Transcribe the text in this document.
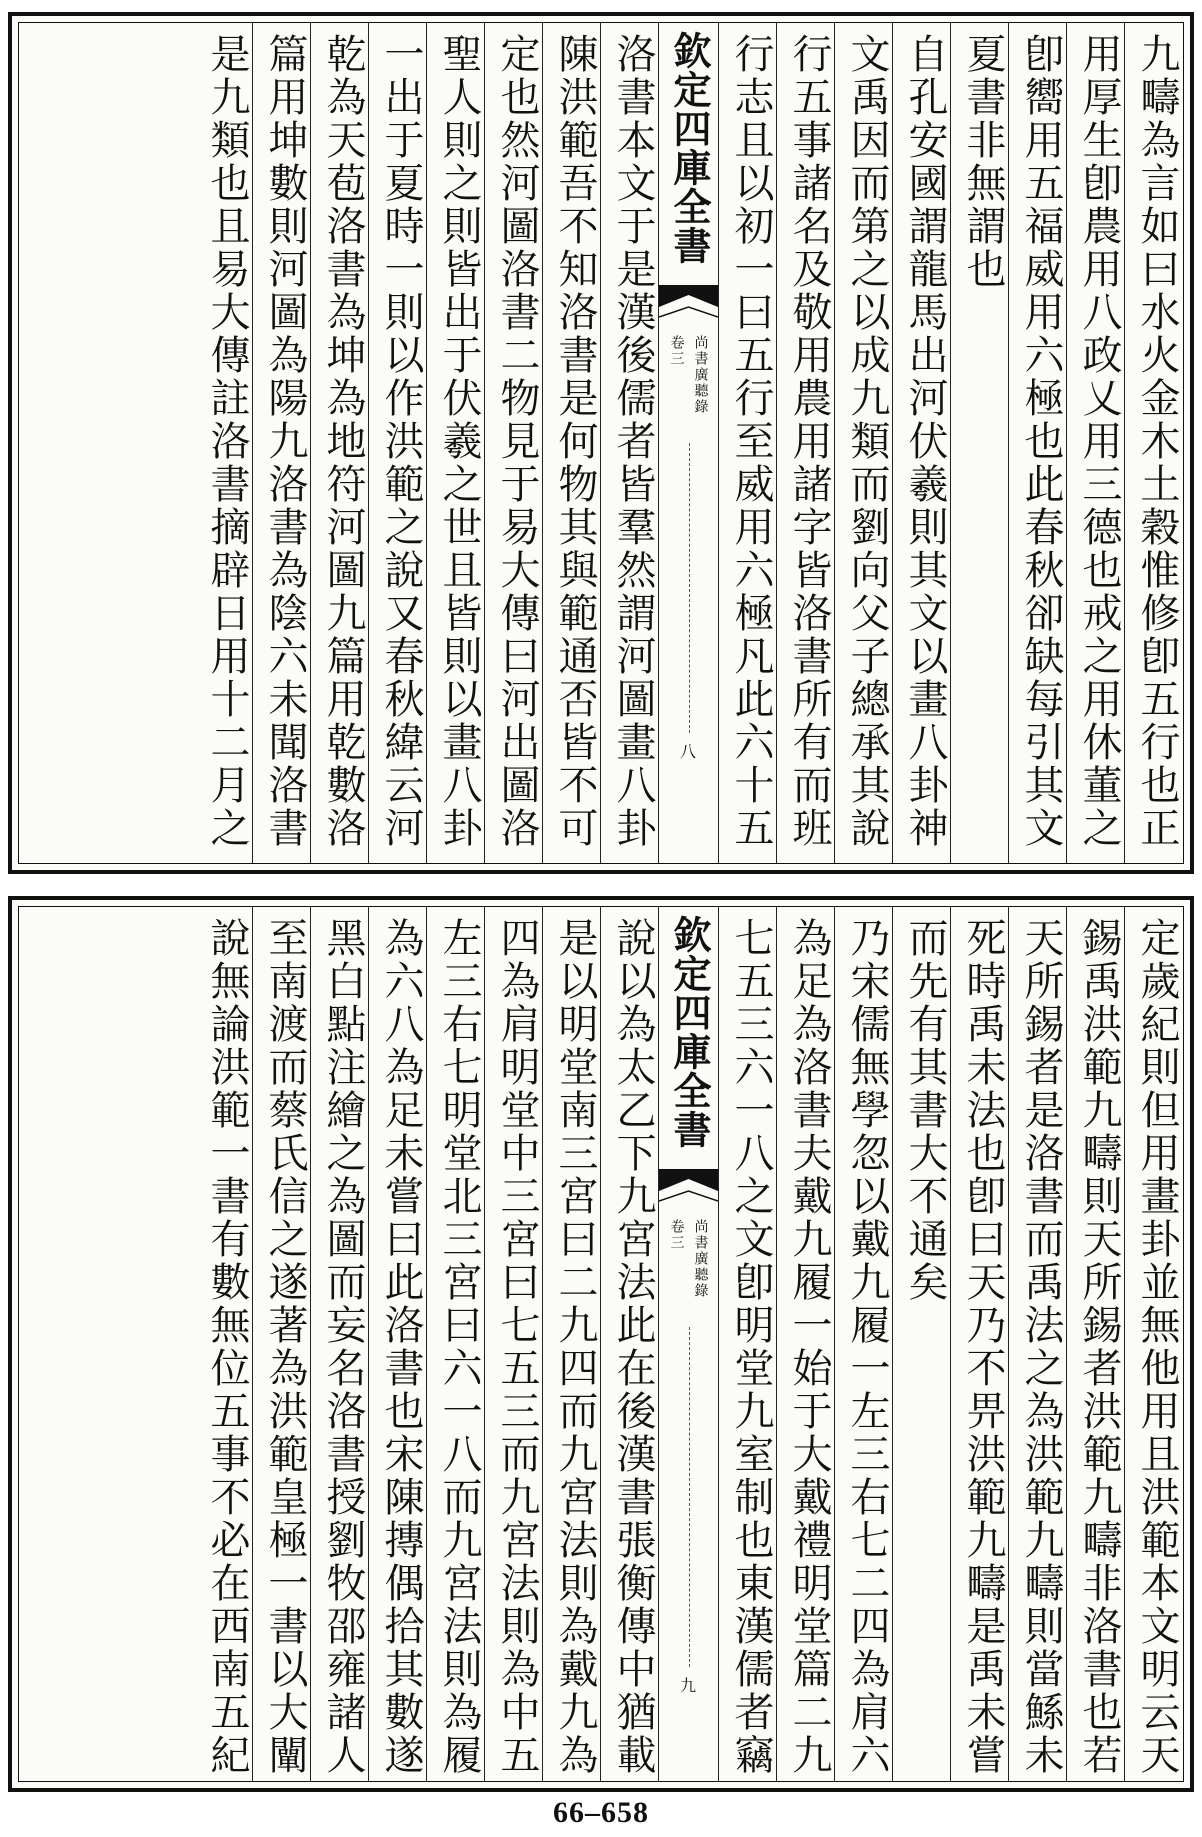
九疇為言如曰水火金木土穀惟修卽五行也正
用厚生卽農用八政乂用三德也戒之用休董之
卽嚮用五福威用六極也此春秋卻缺每引其文
夏書非無謂也
自孔安國謂龍馬出河伏羲則其文以畫八卦神
文禹因而第之以成九類而劉向父子總承其說
行五事諸名及敬用農用諸字皆洛書所有而班
行志且以初一曰五行至威用六極凡此六十五
欽定四庫全書
尚書廣聽錄
卷三
八
洛書本文于是漢後儒者皆羣然謂河圖畫八卦
陳洪範吾不知洛書是何物其與範通否皆不可
定也然河圖洛書二物見于易大傳曰河出圖洛
聖人則之則皆出于伏羲之世且皆則以畫八卦
一出于夏時一則以作洪範之說又春秋緯云河
乾為天苞洛書為坤為地符河圖九篇用乾數洛
篇用坤數則河圖為陽九洛書為陰六未聞洛書
是九類也且易大傳註洛書摘辟日用十二月之
定歲紀則但用畫卦並無他用且洪範本文明云天
錫禹洪範九疇則天所錫者洪範九疇非洛書也若
天所錫者是洛書而禹法之為洪範九疇則當鯀未
死時禹未法也卽曰天乃不畀洪範九疇是禹未嘗
而先有其書大不通矣
乃宋儒無學忽以戴九履一左三右七二四為肩六
為足為洛書夫戴九履一始于大戴禮明堂篇二九
七五三六一八之文卽明堂九室制也東漢儒者竊
欽定四庫全書
尚書廣聽錄
卷三
九
說以為太乙下九宮法此在後漢書張衡傳中猶載
是以明堂南三宮曰二九四而九宮法則為戴九為
四為肩明堂中三宮曰七五三而九宮法則為中五
左三右七明堂北三宮曰六一八而九宮法則為履
為六八為足未嘗曰此洛書也宋陳摶偶拾其數遂
黑白點注繪之為圖而妄名洛書授劉牧邵雍諸人
至南渡而蔡氏信之遂著為洪範皇極一書以大闡
說無論洪範一書有數無位五事不必在西南五紀
66–658
